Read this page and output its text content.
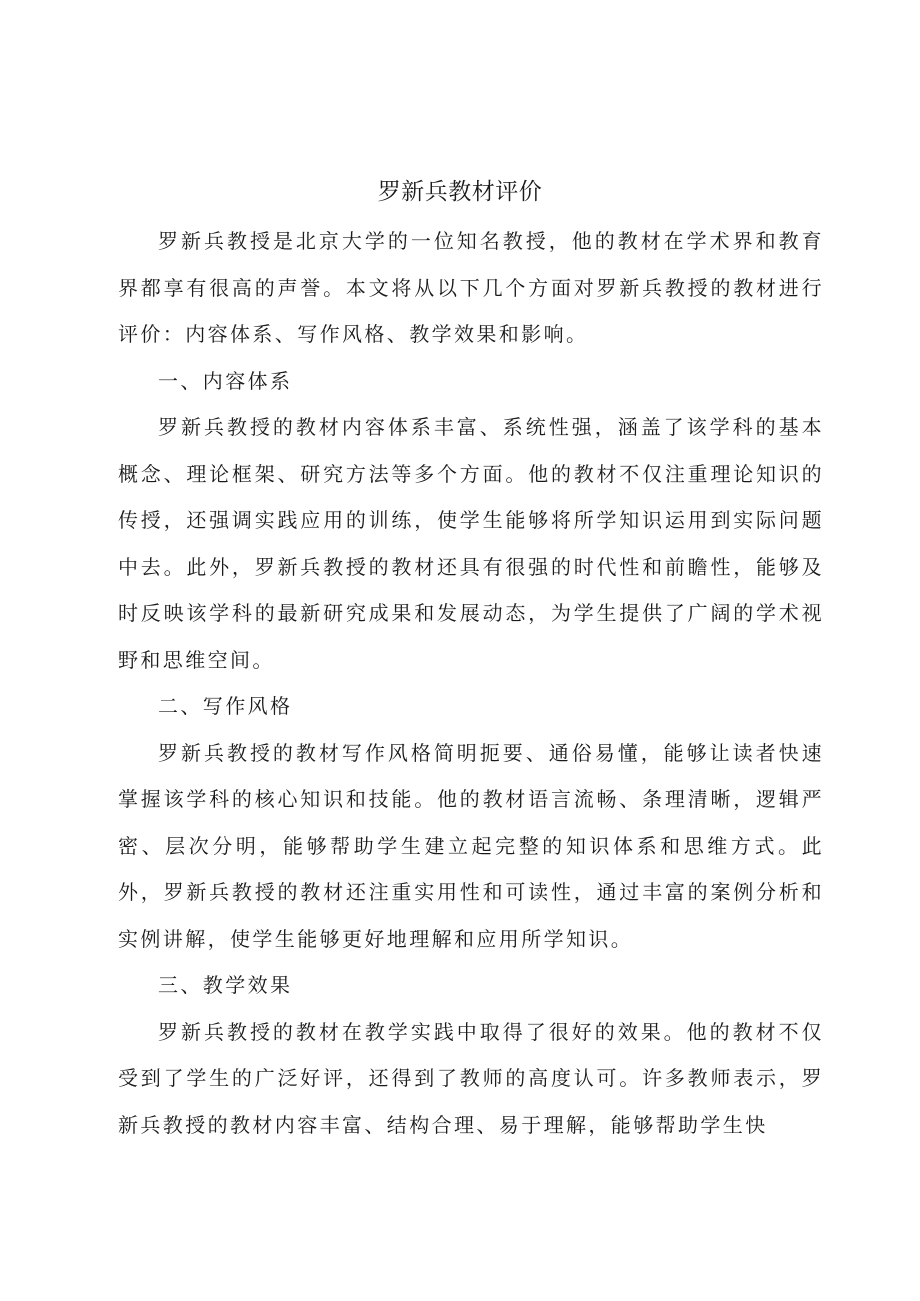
罗新兵教材评价

罗新兵教授是北京大学的一位知名教授，他的教材在学术界和教育界都享有很高的声誉。本文将从以下几个方面对罗新兵教授的教材进行评价：内容体系、写作风格、教学效果和影响。

一、内容体系

罗新兵教授的教材内容体系丰富、系统性强，涵盖了该学科的基本概念、理论框架、研究方法等多个方面。他的教材不仅注重理论知识的传授，还强调实践应用的训练，使学生能够将所学知识运用到实际问题中去。此外，罗新兵教授的教材还具有很强的时代性和前瞻性，能够及时反映该学科的最新研究成果和发展动态，为学生提供了广阔的学术视野和思维空间。

二、写作风格

罗新兵教授的教材写作风格简明扼要、通俗易懂，能够让读者快速掌握该学科的核心知识和技能。他的教材语言流畅、条理清晰，逻辑严密、层次分明，能够帮助学生建立起完整的知识体系和思维方式。此外，罗新兵教授的教材还注重实用性和可读性，通过丰富的案例分析和实例讲解，使学生能够更好地理解和应用所学知识。

三、教学效果

罗新兵教授的教材在教学实践中取得了很好的效果。他的教材不仅受到了学生的广泛好评，还得到了教师的高度认可。许多教师表示，罗新兵教授的教材内容丰富、结构合理、易于理解，能够帮助学生快
